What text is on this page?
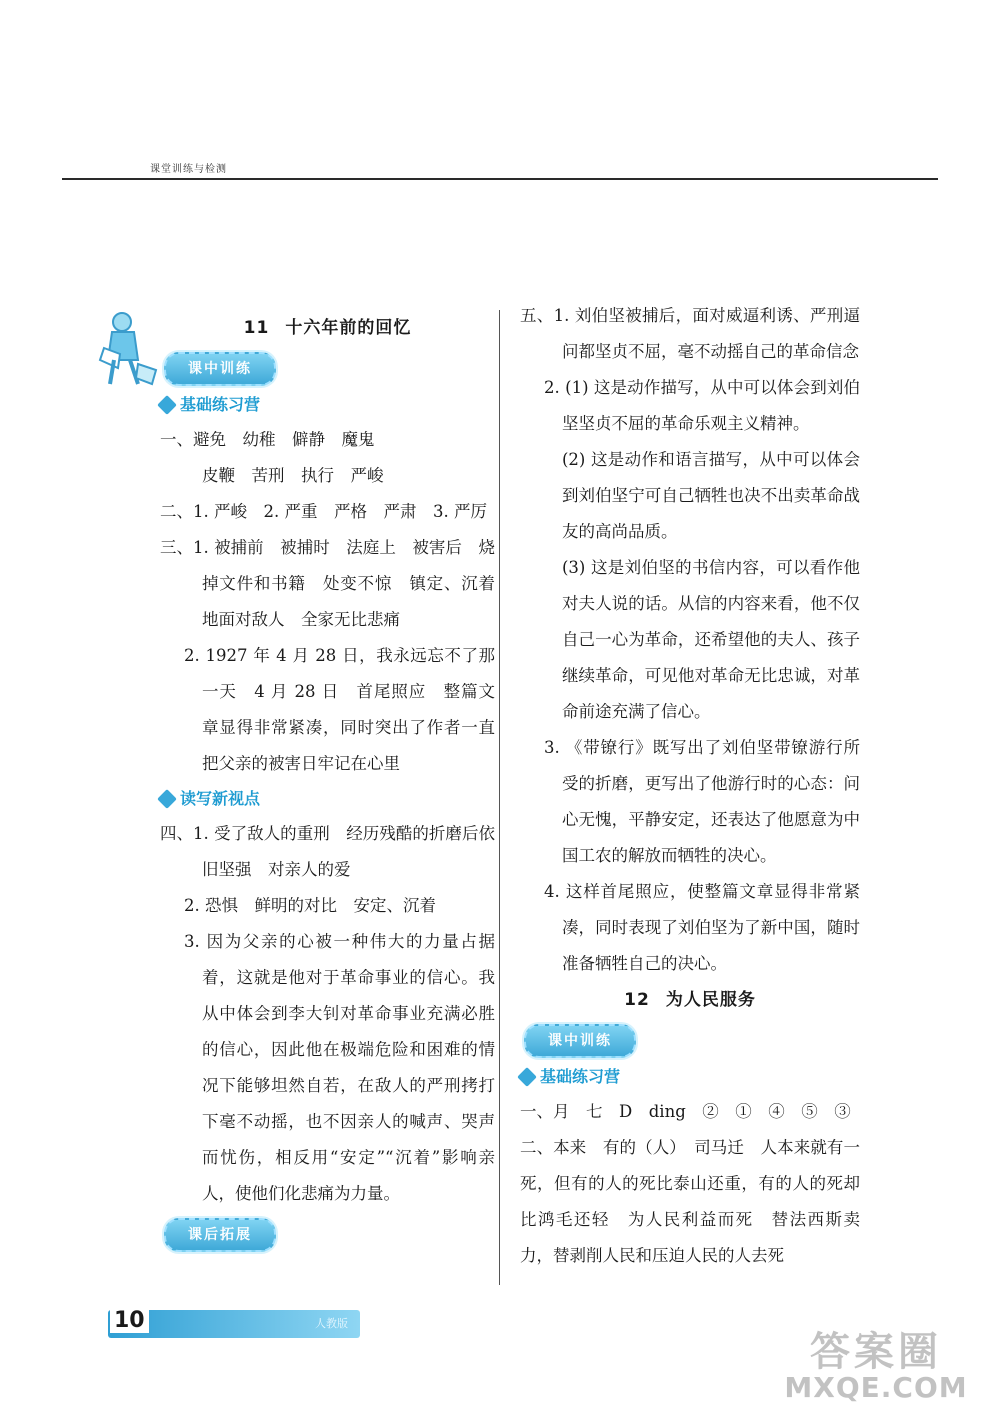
课堂训练与检测
11 十六年前的回忆
课中训练
基础练习营

一、避免　幼稚　僻静　魔鬼

皮鞭　苦刑　执行　严峻

二、1. 严峻　2. 严重　严格　严肃　3. 严厉

三、1. 被捕前　被捕时　法庭上　被害后　烧掉文件和书籍　处变不惊　镇定、沉着地面对敌人　全家无比悲痛

2. 1927 年 4 月 28 日，我永远忘不了那一天　4 月 28 日　首尾照应　整篇文章显得非常紧凑，同时突出了作者一直把父亲的被害日牢记在心里

读写新视点

四、1. 受了敌人的重刑　经历残酷的折磨后依旧坚强　对亲人的爱

2. 恐惧　鲜明的对比　安定、沉着

3. 因为父亲的心被一种伟大的力量占据着，这就是他对于革命事业的信心。我从中体会到李大钊对革命事业充满必胜的信心，因此他在极端危险和困难的情况下能够坦然自若，在敌人的严刑拷打下毫不动摇，也不因亲人的喊声、哭声而忧伤，相反用“安定”“沉着”影响亲人，使他们化悲痛为力量。

课后拓展

五、1. 刘伯坚被捕后，面对威逼利诱、严刑逼问都坚贞不屈，毫不动摇自己的革命信念

2. (1) 这是动作描写，从中可以体会到刘伯坚坚贞不屈的革命乐观主义精神。

(2) 这是动作和语言描写，从中可以体会到刘伯坚宁可自己牺牲也决不出卖革命战友的高尚品质。

(3) 这是刘伯坚的书信内容，可以看作他对夫人说的话。从信的内容来看，他不仅自己一心为革命，还希望他的夫人、孩子继续革命，可见他对革命无比忠诚，对革命前途充满了信心。

3. 《带镣行》既写出了刘伯坚带镣游行所受的折磨，更写出了他游行时的心态：问心无愧，平静安定，还表达了他愿意为中国工农的解放而牺牲的决心。

4. 这样首尾照应，使整篇文章显得非常紧凑，同时表现了刘伯坚为了新中国，随时准备牺牲自己的决心。

12 为人民服务
课中训练
基础练习营

一、月　七　D　ding　②　①　④　⑤　③

二、本来　有的（人）　司马迁　人本来就有一死，但有的人的死比泰山还重，有的人的死却比鸿毛还轻　为人民利益而死　替法西斯卖力，替剥削人民和压迫人民的人去死

人教版
10
答案圈
MXQE.COM
